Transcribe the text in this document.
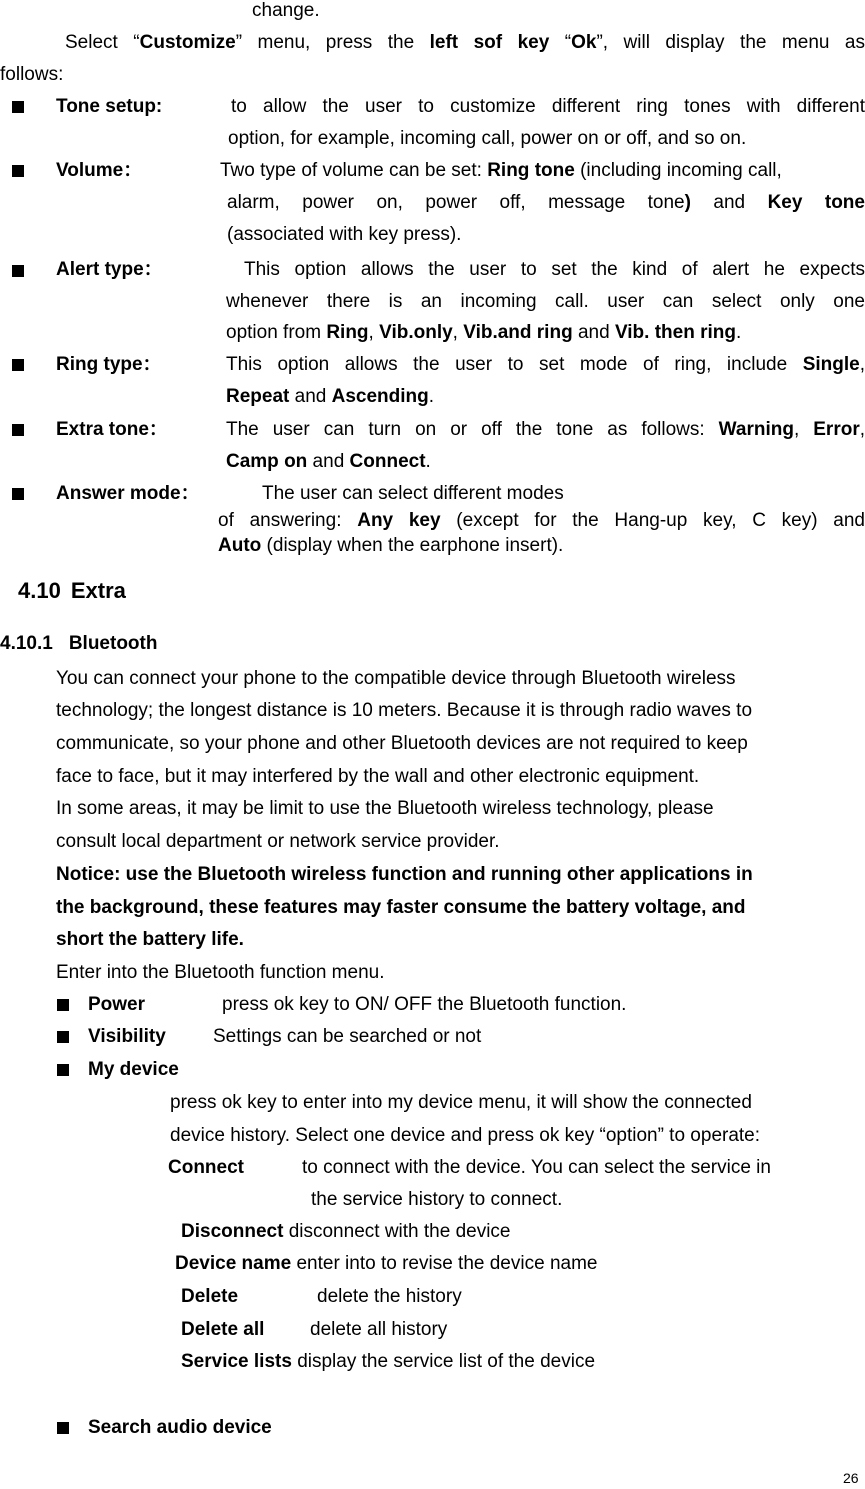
change.
Select “Customize” menu, press the left sof key “Ok”, will display the menu as
follows:
Tone setup:	to allow the user to customize different ring tones with different
option, for example, incoming call, power on or off, and so on.
Volume：	Two type of volume can be set: Ring tone (including incoming call,
alarm, power on, power off, message tone) and Key tone
(associated with key press).
Alert type：	This option allows the user to set the kind of alert he expects
whenever there is an incoming call. user can select only one
option from Ring, Vib.only, Vib.and ring and Vib. then ring.
Ring type：	This option allows the user to set mode of ring, include Single,
Repeat and Ascending.
Extra tone：	The user can turn on or off the tone as follows: Warning, Error,
Camp on and Connect.
Answer mode：	The user can select different modes
of answering: Any key (except for the Hang-up key, C key) and
Auto (display when the earphone insert).
4.10 Extra
4.10.1 Bluetooth
You can connect your phone to the compatible device through Bluetooth wireless
technology; the longest distance is 10 meters. Because it is through radio waves to
communicate, so your phone and other Bluetooth devices are not required to keep
face to face, but it may interfered by the wall and other electronic equipment.
In some areas, it may be limit to use the Bluetooth wireless technology, please
consult local department or network service provider.
Notice: use the Bluetooth wireless function and running other applications in
the background, these features may faster consume the battery voltage, and
short the battery life.
Enter into the Bluetooth function menu.
Power	press ok key to ON/ OFF the Bluetooth function.
Visibility Settings can be searched or not
My device
press ok key to enter into my device menu, it will show the connected
device history. Select one device and press ok key “option” to operate:
Connect	to connect with the device. You can select the service in
the service history to connect.
Disconnect disconnect with the device
Device name enter into to revise the device name
Delete	delete the history
Delete all delete all history
Service lists display the service list of the device
Search audio device
26
